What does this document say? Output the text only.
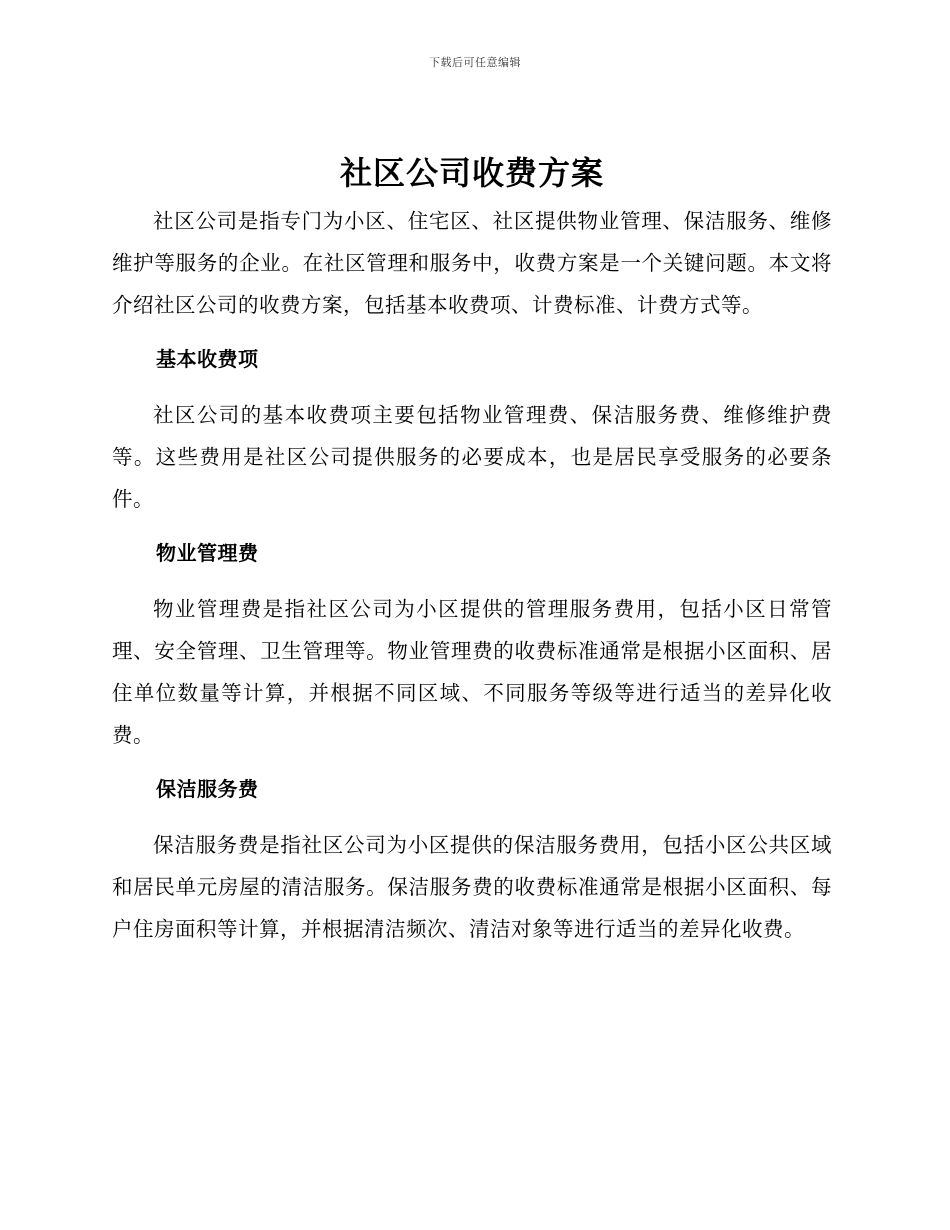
下载后可任意编辑
社区公司收费方案

社区公司是指专门为小区、住宅区、社区提供物业管理、保洁服务、维修维护等服务的企业。在社区管理和服务中，收费方案是一个关键问题。本文将介绍社区公司的收费方案，包括基本收费项、计费标准、计费方式等。

基本收费项

社区公司的基本收费项主要包括物业管理费、保洁服务费、维修维护费等。这些费用是社区公司提供服务的必要成本，也是居民享受服务的必要条件。

物业管理费

物业管理费是指社区公司为小区提供的管理服务费用，包括小区日常管理、安全管理、卫生管理等。物业管理费的收费标准通常是根据小区面积、居住单位数量等计算，并根据不同区域、不同服务等级等进行适当的差异化收费。

保洁服务费

保洁服务费是指社区公司为小区提供的保洁服务费用，包括小区公共区域和居民单元房屋的清洁服务。保洁服务费的收费标准通常是根据小区面积、每户住房面积等计算，并根据清洁频次、清洁对象等进行适当的差异化收费。
